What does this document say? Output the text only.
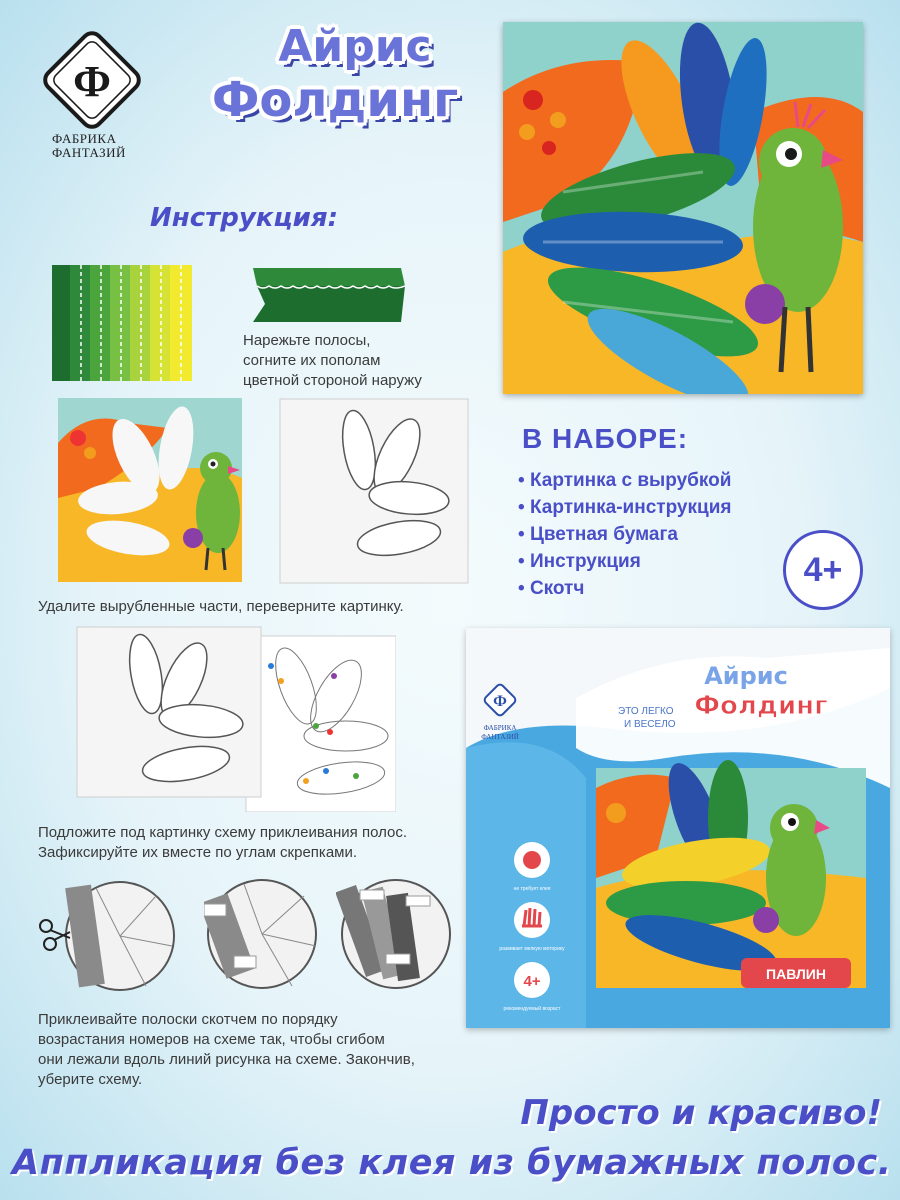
Ф
ФАБРИКА
ФАНТАЗИЙ
Айрис
Фолдинг
Инструкция:
Нарежьте полосы,
согните их пополам
цветной стороной наружу
Удалите вырубленные части, переверните картинку.
Подложите под картинку схему приклеивания полос.
Зафиксируйте их вместе по углам скрепками.
Приклеивайте полоски скотчем по порядку
возрастания номеров на схеме так, чтобы сгибом
они лежали вдоль линий рисунка на схеме. Закончив,
уберите схему.
В НАБОРЕ:
• Картинка с вырубкой
• Картинка-инструкция
• Цветная бумага
• Инструкция
• Скотч	4+
Ф
ФАБРИКА
ФАНТАЗИЙ
ЭТО ЛЕГКО
И ВЕСЕЛО
Айрис
Фолдинг
не требует клея
развивает мелкую моторику
4+
рекомендуемый возраст
ПАВЛИН
Просто и красиво!
Аппликация без клея из бумажных полос.
